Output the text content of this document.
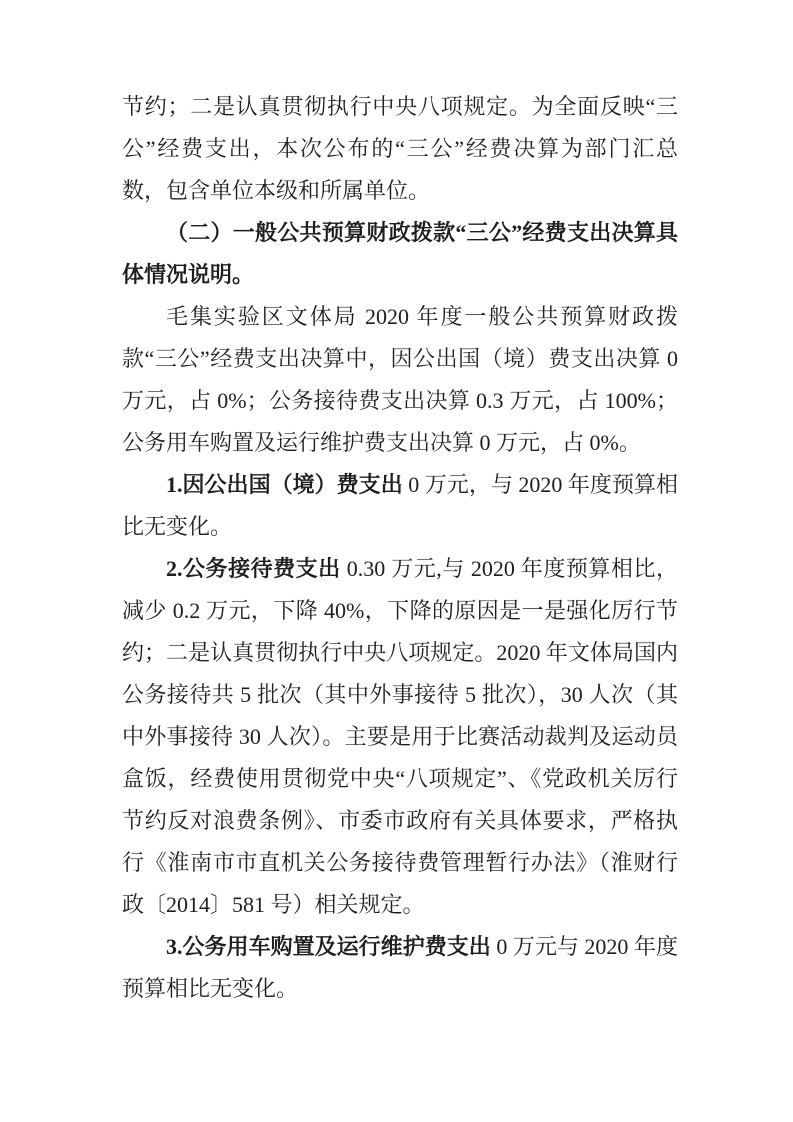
节约；二是认真贯彻执行中央八项规定。为全面反映“三公”经费支出，本次公布的“三公”经费决算为部门汇总数，包含单位本级和所属单位。

（二）一般公共预算财政拨款“三公”经费支出决算具体情况说明。

毛集实验区文体局 2020 年度一般公共预算财政拨款“三公”经费支出决算中，因公出国（境）费支出决算 0 万元，占 0%；公务接待费支出决算 0.3 万元，占 100%；公务用车购置及运行维护费支出决算 0 万元，占 0%。

1.因公出国（境）费支出 0 万元，与 2020 年度预算相比无变化。

2.公务接待费支出 0.30 万元,与 2020 年度预算相比，减少 0.2 万元，下降 40%，下降的原因是一是强化厉行节约；二是认真贯彻执行中央八项规定。2020 年文体局国内公务接待共 5 批次（其中外事接待 5 批次），30 人次（其中外事接待 30 人次）。主要是用于比赛活动裁判及运动员盒饭，经费使用贯彻党中央“八项规定”、《党政机关厉行节约反对浪费条例》、市委市政府有关具体要求，严格执行《淮南市市直机关公务接待费管理暂行办法》（淮财行政〔2014〕581 号）相关规定。

3.公务用车购置及运行维护费支出 0 万元与 2020 年度预算相比无变化。
